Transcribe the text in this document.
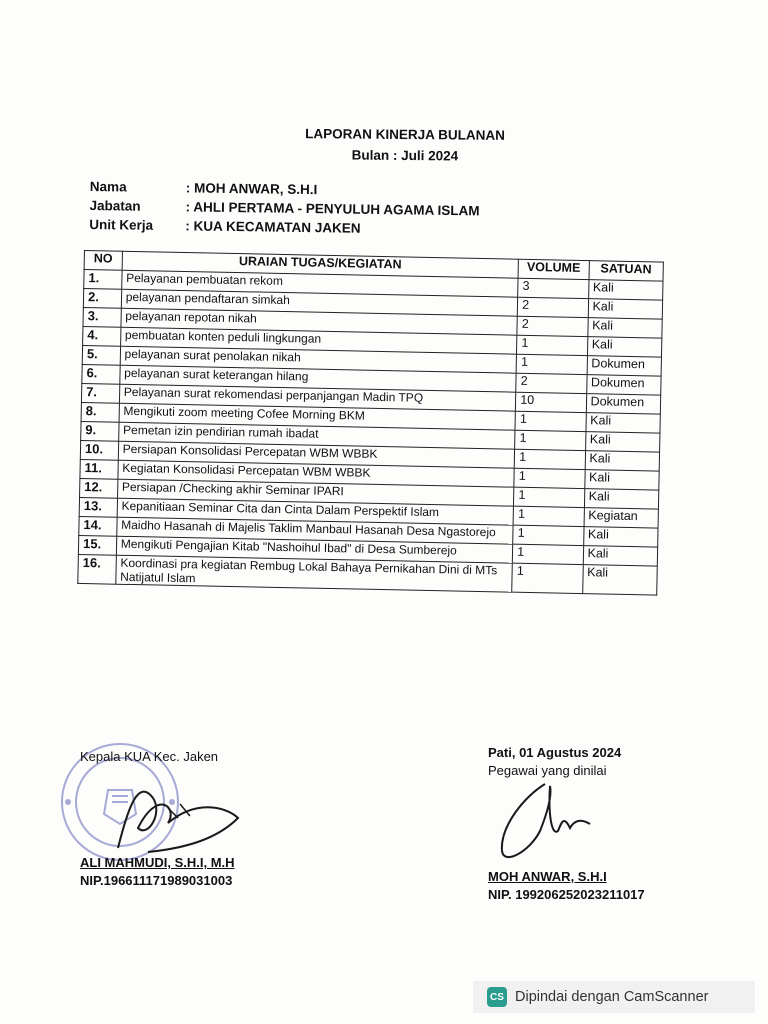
LAPORAN KINERJA BULANAN
Bulan : Juli 2024
Nama	: MOH ANWAR, S.H.I
Jabatan	: AHLI PERTAMA - PENYULUH AGAMA ISLAM
Unit Kerja	: KUA KECAMATAN JAKEN
NO	URAIAN TUGAS/KEGIATAN	VOLUME	SATUAN
1.	Pelayanan pembuatan rekom	3	Kali
2.	pelayanan pendaftaran simkah	2	Kali
3.	pelayanan repotan nikah	2	Kali
4.	pembuatan konten peduli lingkungan	1	Kali
5.	pelayanan surat penolakan nikah	1	Dokumen
6.	pelayanan surat keterangan hilang	2	Dokumen
7.	Pelayanan surat rekomendasi perpanjangan Madin TPQ	10	Dokumen
8.	Mengikuti zoom meeting Cofee Morning BKM	1	Kali
9.	Pemetan izin pendirian rumah ibadat	1	Kali
10.	Persiapan Konsolidasi Percepatan WBM WBBK	1	Kali
11.	Kegiatan Konsolidasi Percepatan WBM WBBK	1	Kali
12.	Persiapan /Checking akhir Seminar IPARI	1	Kali
13.	Kepanitiaan Seminar Cita dan Cinta Dalam Perspektif Islam	1	Kegiatan
14.	Maidho Hasanah di Majelis Taklim Manbaul Hasanah Desa Ngastorejo	1	Kali
15.	Mengikuti Pengajian Kitab "Nashoihul Ibad" di Desa Sumberejo	1	Kali
16.	Koordinasi pra kegiatan Rembug Lokal Bahaya Pernikahan Dini di MTs Natijatul Islam	1	Kali
Kepala KUA Kec. Jaken
ALI MAHMUDI, S.H.I, M.H
NIP.196611171989031003
Pati, 01 Agustus 2024
Pegawai yang dinilai
MOH ANWAR, S.H.I
NIP. 199206252023211017
CS Dipindai dengan CamScanner
